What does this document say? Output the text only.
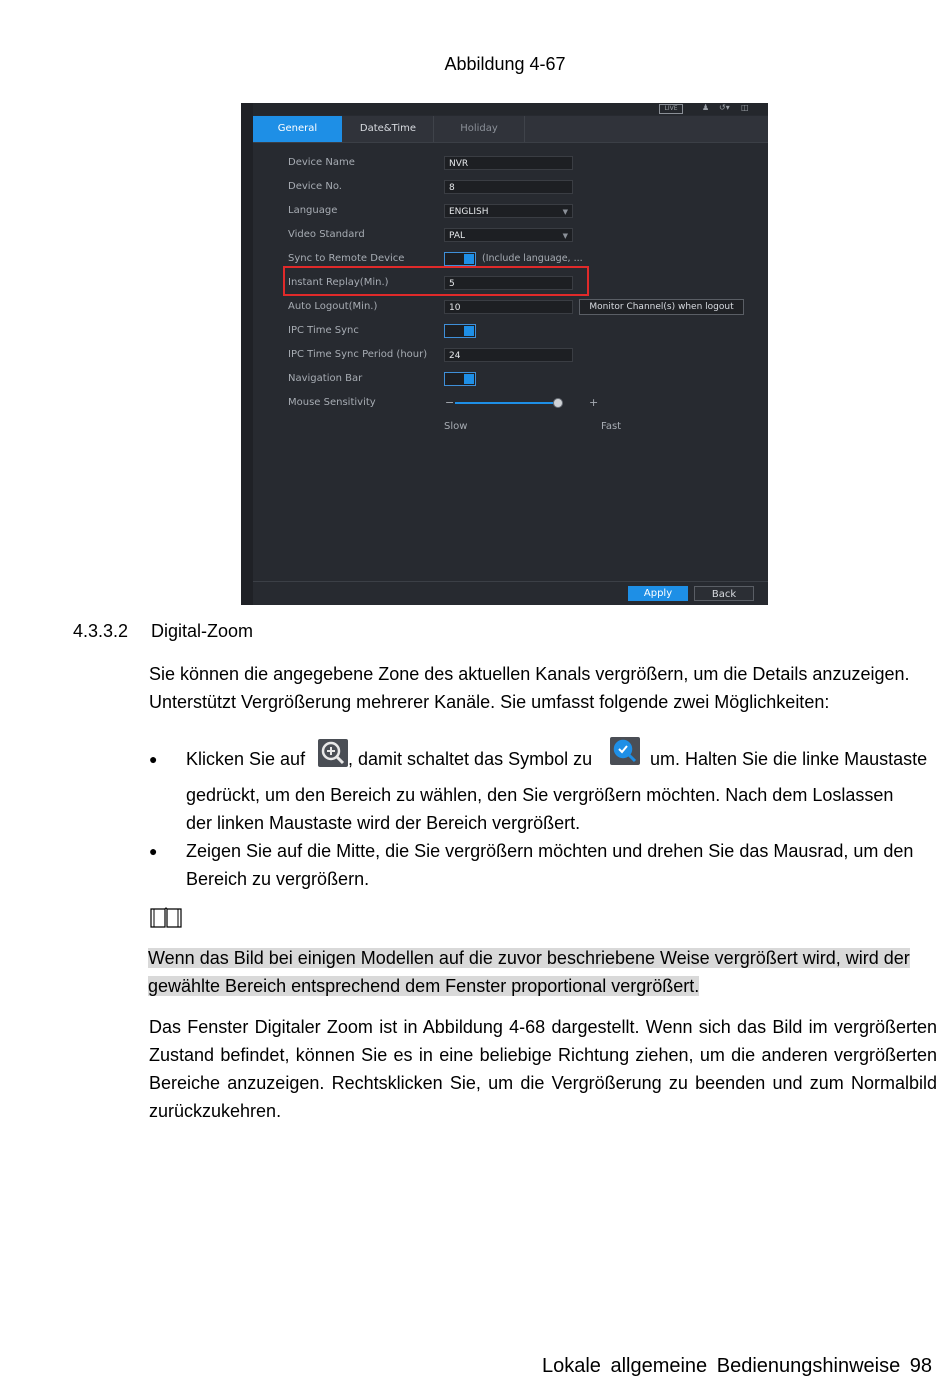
Abbildung 4-67
LIVE	♟ ↺▾ ◫
General	Date&Time	Holiday
Device Name	NVR
Device No.	8
Language	ENGLISH	▼
Video Standard	PAL	▼
Sync to Remote Device	(Include language, ...
Instant Replay(Min.)	5
Auto Logout(Min.)	10	Monitor Channel(s) when logout
IPC Time Sync
IPC Time Sync Period (hour)	24
Navigation Bar
Mouse Sensitivity	−	+
Slow	Fast
Apply	Back
4.3.3.2 Digital-Zoom
Sie können die angegebene Zone des aktuellen Kanals vergrößern, um die Details anzuzeigen.
Unterstützt Vergrößerung mehrerer Kanäle. Sie umfasst folgende zwei Möglichkeiten:
● Klicken Sie auf	, damit schaltet das Symbol zu	um. Halten Sie die linke Maustaste
gedrückt, um den Bereich zu wählen, den Sie vergrößern möchten. Nach dem Loslassen
der linken Maustaste wird der Bereich vergrößert.
● Zeigen Sie auf die Mitte, die Sie vergrößern möchten und drehen Sie das Mausrad, um den
Bereich zu vergrößern.
Wenn das Bild bei einigen Modellen auf die zuvor beschriebene Weise vergrößert wird, wird der
gewählte Bereich entsprechend dem Fenster proportional vergrößert.
Das Fenster Digitaler Zoom ist in Abbildung 4-68 dargestellt. Wenn sich das Bild im vergrößerten Zustand befindet, können Sie es in eine beliebige Richtung ziehen, um die anderen vergrößerten Bereiche anzuzeigen. Rechtsklicken Sie, um die Vergrößerung zu beenden und zum Normalbild zurückzukehren.
Lokale allgemeine Bedienungshinweise 98
